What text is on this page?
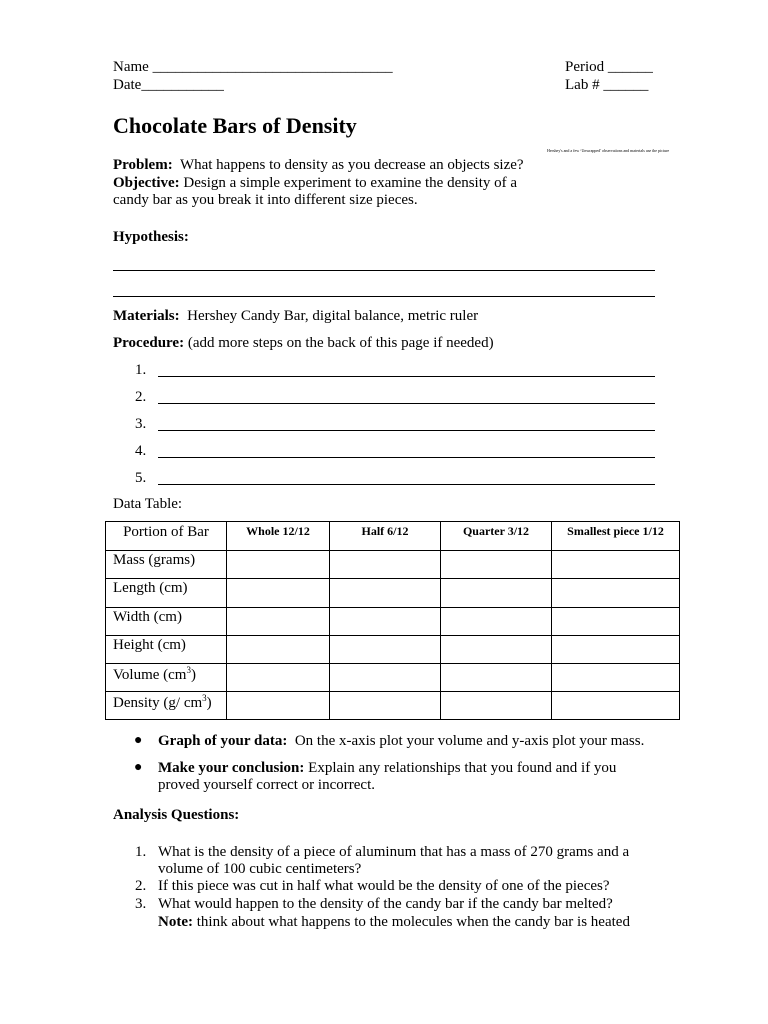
Name ________________________________
Date___________
Period ______
Lab # ______
Chocolate Bars of Density
Hershey's and a few ‘Unwrapped’ observations and materials use the picture
Problem: What happens to density as you decrease an objects size?
Objective: Design a simple experiment to examine the density of a
candy bar as you break it into different size pieces.
Hypothesis:
Materials: Hershey Candy Bar, digital balance, metric ruler
Procedure: (add more steps on the back of this page if needed)
1.
2.
3.
4.
5.
Data Table:
Portion of Bar	Whole 12/12	Half 6/12	Quarter 3/12	Smallest piece 1/12
Mass (grams)				
Length (cm)				
Width (cm)				
Height (cm)				
Volume $(cm^3)$				
Density (g/ $cm^3$)				
● Graph of your data: On the x-axis plot your volume and y-axis plot your mass.
● Make your conclusion: Explain any relationships that you found and if you
proved yourself correct or incorrect.
Analysis Questions:
1. What is the density of a piece of aluminum that has a mass of 270 grams and a
volume of 100 cubic centimeters?
2. If this piece was cut in half what would be the density of one of the pieces?
3. What would happen to the density of the candy bar if the candy bar melted?
Note: think about what happens to the molecules when the candy bar is heated
